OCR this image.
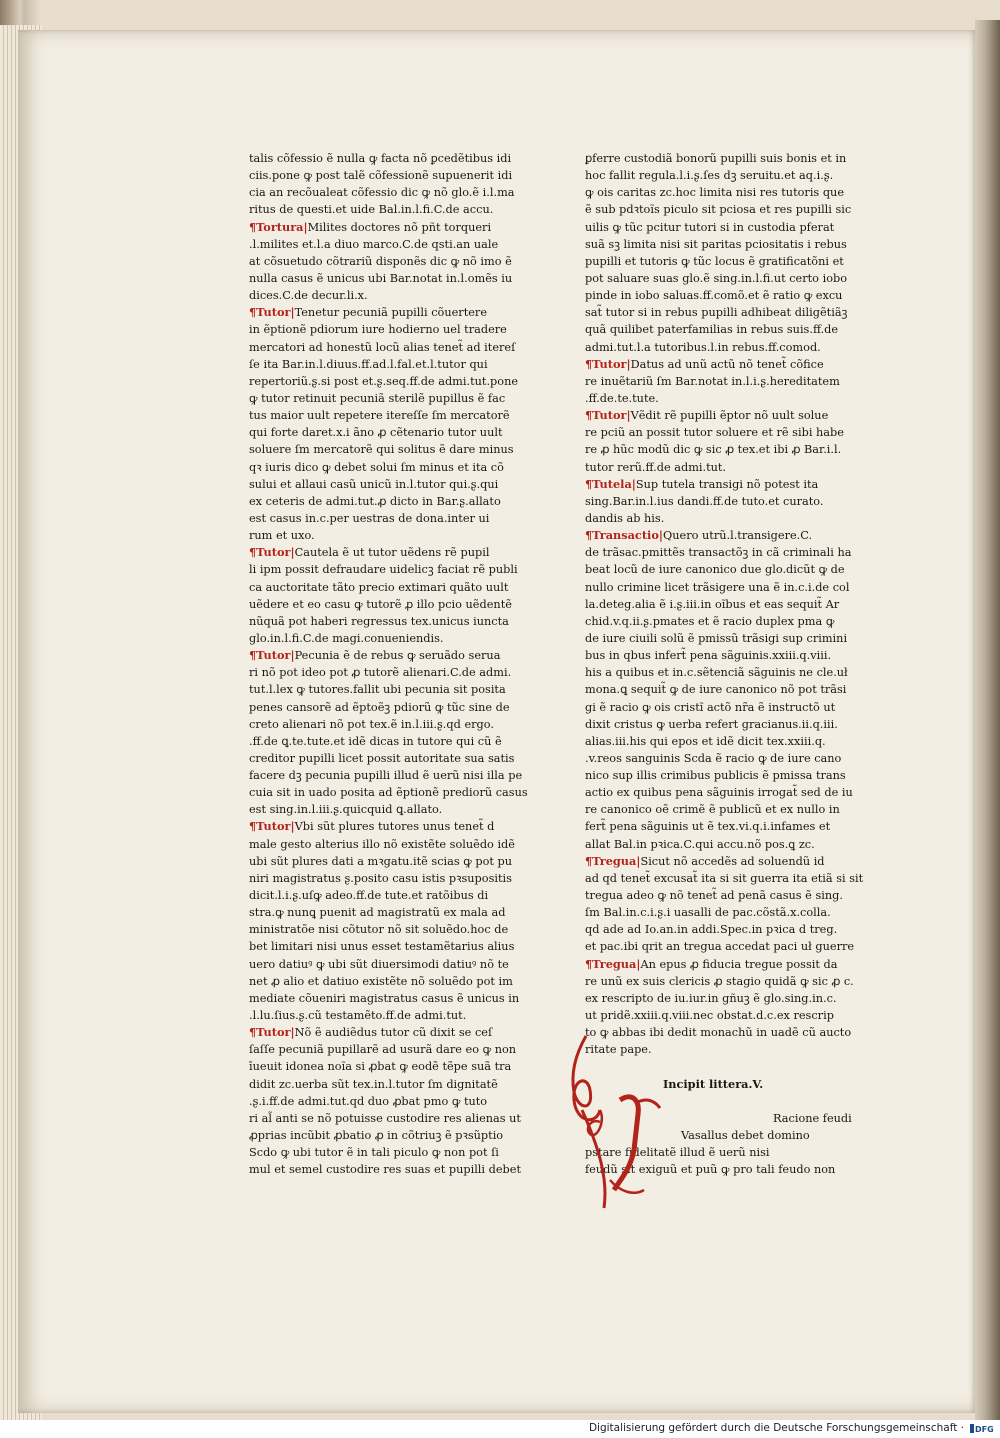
talis cõfessio ẽ nulla ꝙ facta nõ ꝑcedẽtibus idi
ciis.pone ꝙ post talẽ cõfessionẽ supuenerit idi
cia an recõualeat cõfessio dic ꝙ nõ glo.ẽ i.l.ma
ritus de questi.et uide Bal.in.l.fi.C.de accu.
¶Tortura|Milites doctores nõ pñt torqueri
.l.milites et.l.a diuo marco.C.de qsti.an uale
at cõsuetudo cõtrariũ disponẽs dic ꝙ nõ imo ẽ
nulla casus ẽ unicus ubi Bar.notat in.l.omẽs iu
dices.C.de decur.li.x.
¶Tutor|Tenetur pecuniã pupilli cõuertere
in ẽptionẽ pdiorum iure hodierno uel tradere
mercatori ad honestũ locũ alias tenet̃ ad itereſ
ſe ita Bar.in.l.diuus.ff.ad.l.fal.et.l.tutor qui
repertoriũ.ʂ.si post et.ʂ.seq.ff.de admi.tut.pone
ꝙ tutor retinuit pecuniã sterilẽ pupillus ẽ fac
tus maior uult repetere itereſſe ſm mercatorẽ
qui forte daret.x.i ãno ꝓ cẽtenario tutor uult
soluere ſm mercatorẽ qui solitus ẽ dare minus
qꝛ iuris dico ꝙ debet solui ſm minus et ita cõ
sului et allaui casũ unicũ in.l.tutor qui.ʂ.qui
ex ceteris de admi.tut.ꝓ dicto in Bar.ʂ.allato
est casus in.c.per uestras de dona.inter ui
rum et uxo.
¶Tutor|Cautela ẽ ut tutor uẽdens rẽ pupil
li ipm possit defraudare uidelicꝫ faciat rẽ publi
ca auctoritate tãto precio extimari quãto uult
uẽdere et eo casu ꝙ tutorẽ ꝓ illo pcio uẽdentẽ
nũquã pot haberi regressus tex.unicus iuncta
glo.in.l.fi.C.de magi.conueniendis.
¶Tutor|Pecunia ẽ de rebus ꝙ seruãdo serua
ri nõ pot ideo pot ꝓ tutorẽ alienari.C.de admi.
tut.l.lex ꝙ tutores.fallit ubi pecunia sit posita
penes cansorẽ ad ẽptoẽꝫ pdiorũ ꝙ tũc sine de
creto alienari nõ pot tex.ẽ in.l.iii.ʂ.qd ergo.
.ff.de ꝗ.te.tute.et idẽ dicas in tutore qui cũ ẽ
creditor pupilli licet possit autoritate sua satis
facere dꝫ pecunia pupilli illud ẽ uerũ nisi illa pe
cuia sit in uado posita ad ẽptionẽ prediorũ casus
est sing.in.l.iii.ʂ.quicquid ꝗ.allato.
¶Tutor|Vbi sũt plures tutores unus tenet̃ d
male gesto alterius illo nõ existẽte soluẽdo idẽ
ubi sũt plures dati a mꝛgatu.itẽ scias ꝙ pot pu
niri magistratus ʂ.posito casu istis pꝛsupositis
dicit.l.i.ʂ.uſꝙ adeo.ff.de tute.et ratõibus di
stra.ꝙ nunꝗ puenit ad magistratũ ex mala ad
ministratõe nisi cõtutor nõ sit soluẽdo.hoc de
bet limitari nisi unus esset testamẽtarius alius
uero datiuꝰ ꝙ ubi sũt diuersimodi datiuꝰ nõ te
net ꝓ alio et datiuo existẽte nõ soluẽdo pot im
mediate cõueniri magistratus casus ẽ unicus in
.l.lu.ſius.ʂ.cũ testamẽto.ff.de admi.tut.
¶Tutor|Nõ ẽ audiẽdus tutor cũ dixit se ceſ
ſaſſe pecuniã pupillarẽ ad usurã dare eo ꝙ non
īueuit idonea noĩa si ꝓbat ꝙ eodẽ tẽpe suã tra
didit zc.uerba sũt tex.in.l.tutor ſm dignitatẽ
.ʂ.i.ff.de admi.tut.qd duo ꝓbat pmo ꝙ tuto
ri al̃ anti se nõ potuisse custodire res alienas ut
ꝓprias incũbit ꝓbatio ꝓ in cõtriuꝫ ẽ pꝛsũptio
Scdo ꝙ ubi tutor ẽ in tali piculo ꝙ non pot ſi
mul et semel custodire res suas et pupilli debet
ꝑferre custodiã bonorũ pupilli suis bonis et in
hoc fallit regula.l.i.ʂ.ſes dꝫ seruitu.et aq.i.ʂ.
ꝙ ois caritas zc.hoc limita nisi res tutoris que
ẽ sub pdꝛtoĩs piculo sit pciosa et res pupilli sic
uilis ꝙ tũc pcitur tutori si in custodia pferat
suã sꝫ limita nisi sit paritas pciositatis i rebus
pupilli et tutoris ꝙ tũc locus ẽ gratificatõni et
pot saluare suas glo.ẽ sing.in.l.fi.ut certo iobo
pinde in iobo saluas.ff.comõ.et ẽ ratio ꝙ excu
sat̃ tutor si in rebus pupilli adhibeat diligẽtiãꝫ
quã quilibet paterfamilias in rebus suis.ff.de
admi.tut.l.a tutoribus.l.in rebus.ff.comod.
¶Tutor|Datus ad unũ actũ nõ tenet̃ cõfice
re inuẽtariũ ſm Bar.notat in.l.i.ʂ.hereditatem
.ff.de.te.tute.
¶Tutor|Vẽdit rẽ pupilli ẽptor nõ uult solue
re pciũ an possit tutor soluere et rẽ sibi habe
re ꝓ hũc modũ dic ꝙ sic ꝓ tex.et ibi ꝓ Bar.i.l.
tutor rerũ.ff.de admi.tut.
¶Tutela|Sup tutela transigi nõ potest ita
sing.Bar.in.l.ius dandi.ff.de tuto.et curato.
dandis ab his.
¶Transactio|Quero utrũ.l.transigere.C.
de trãsac.pmittẽs transactõꝫ in cã criminali ha
beat locũ de iure canonico due glo.dicũt ꝙ de
nullo crimine licet trãsigere una ẽ in.c.i.de col
la.deteg.alia ẽ i.ʂ.iii.in oĩbus et eas sequit̃ Ar
chid.v.q.ii.ʂ.pmates et ẽ racio duplex pma ꝙ
de iure ciuili solũ ẽ pmissũ trãsigi sup crimini
bus in qbus infert̃ pena sãguinis.xxiii.q.viii.
his a quibus et in.c.sẽtenciã sãguinis ne cle.uł
mona.ꝗ sequit̃ ꝙ de iure canonico nõ pot trãsi
gi ẽ racio ꝙ ois cristĩ actõ nr̃a ẽ instructõ ut
dixit cristus ꝙ uerba refert gracianus.ii.q.iii.
alias.iii.his qui epos et idẽ dicit tex.xxiii.q.
.v.reos sanguinis Scda ẽ racio ꝙ de iure cano
nico sup illis crimibus publicis ẽ pmissa trans
actio ex quibus pena sãguinis irrogat̃ sed de iu
re canonico oẽ crimẽ ẽ publicũ et ex nullo in
fert̃ pena sãguinis ut ẽ tex.vi.q.i.infames et
allat Bal.in pꝛica.C.qui accu.nõ pos.ꝗ zc.
¶Tregua|Sicut nõ accedẽs ad soluendũ id
ad qd tenet̃ excusat̃ ita si sit guerra ita etiã si sit
tregua adeo ꝙ nõ tenet̃ ad penã casus ẽ sing.
ſm Bal.in.c.i.ʂ.i uasalli de pac.cõstã.x.colla.
qd ade ad Io.an.in addi.Spec.in pꝛica d treg.
et pac.ibi qrit an tregua accedat paci uł guerre
¶Tregua|An epus ꝓ fiducia tregue possit da
re unũ ex suis clericis ꝓ stagio quidã ꝙ sic ꝓ c.
ex rescripto de iu.iur.in gñuꝫ ẽ glo.sing.in.c.
ut pridẽ.xxiii.q.viii.nec obstat.d.c.ex rescrip
to ꝙ abbas ibi dedit monachũ in uadẽ cũ aucto
ritate pape.
Incipit littera.V.
Racione feudi
Vasallus debet domino
pstare fidelitatẽ illud ẽ uerũ nisi
feudũ sit exiguũ et puũ ꝙ pro tali feudo non
Digitalisierung gefördert durch die Deutsche Forschungsgemeinschaft · DFG
